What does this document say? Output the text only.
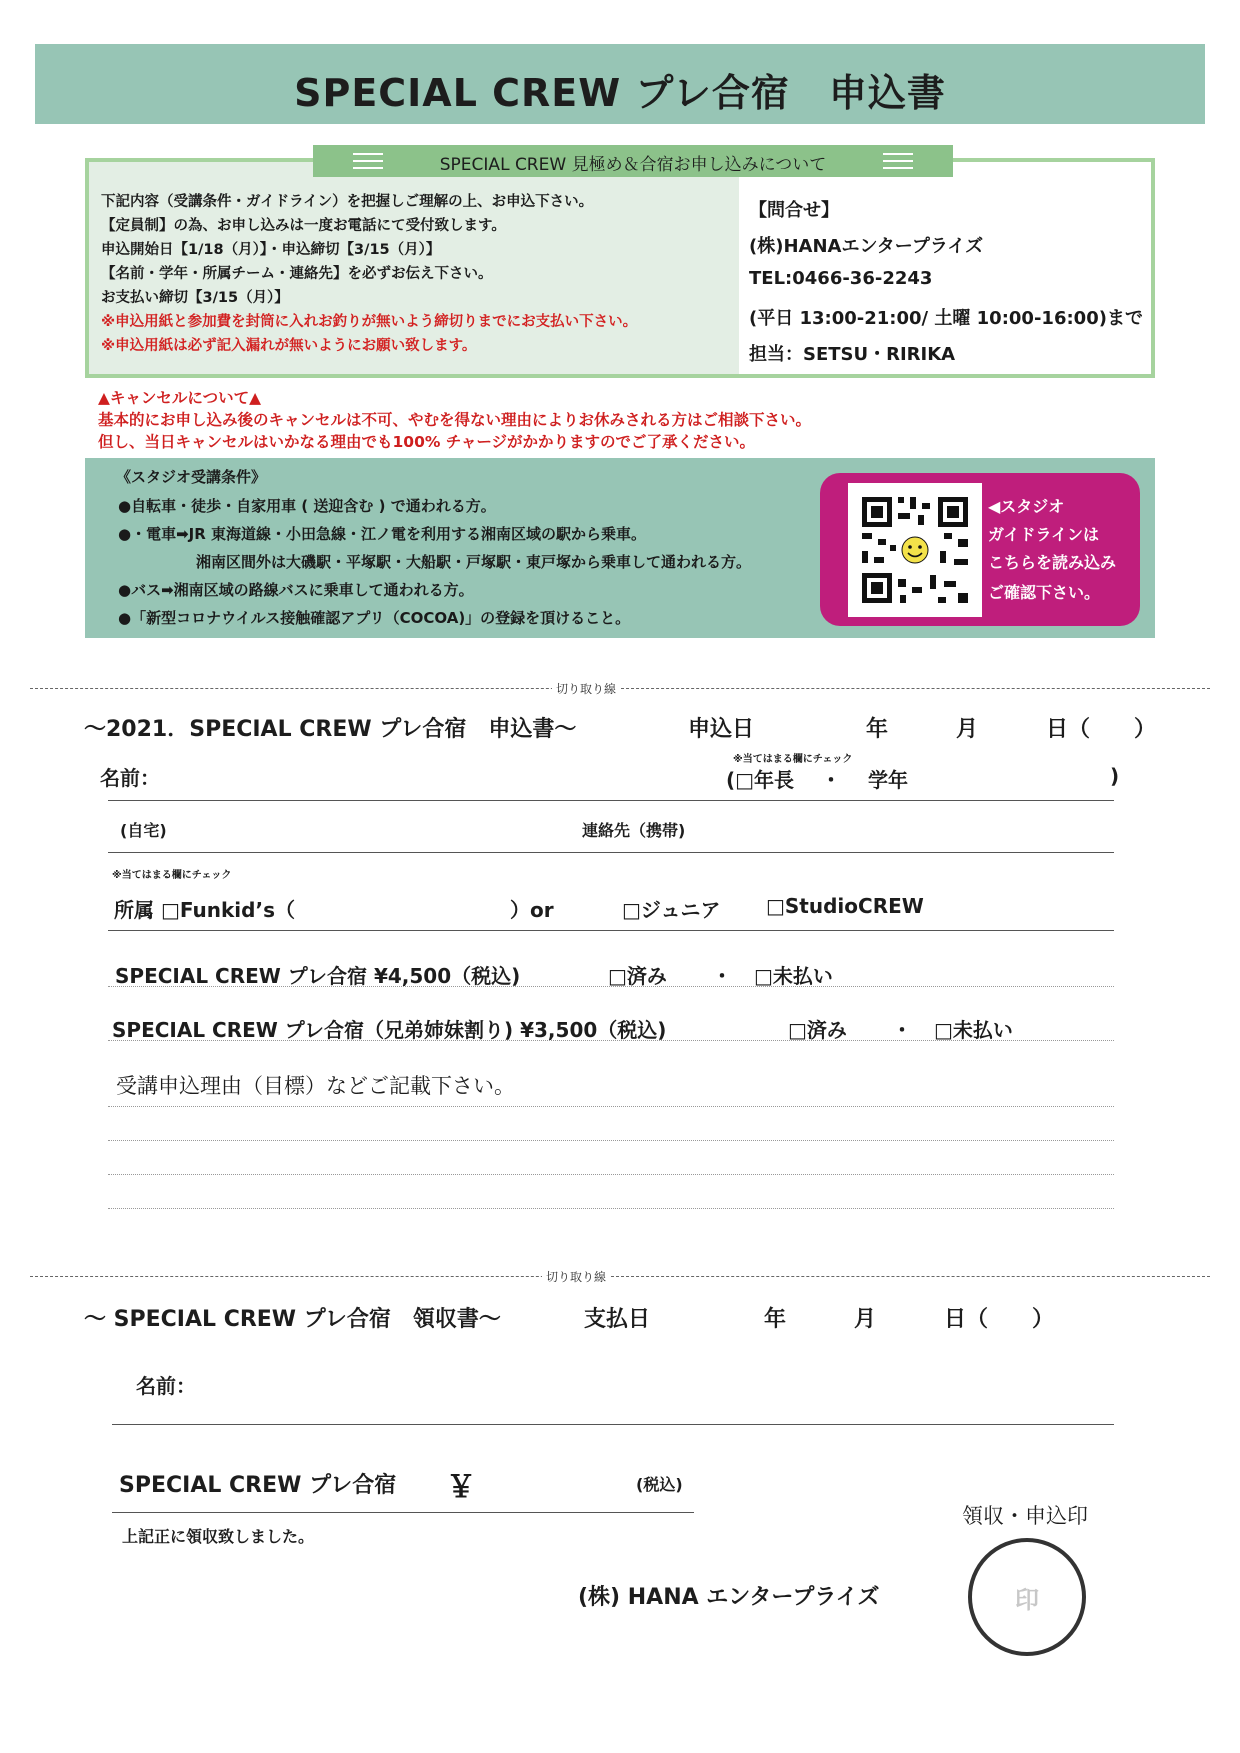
SPECIAL CREW プレ合宿　申込書
SPECIAL CREW 見極め＆合宿お申し込みについて
下記内容（受講条件・ガイドライン）を把握しご理解の上、お申込下さい。
【定員制】の為、お申し込みは一度お電話にて受付致します。
申込開始日【1/18（月）】・申込締切【3/15（月）】
【名前・学年・所属チーム・連絡先】を必ずお伝え下さい。
お支払い締切【3/15（月）】
※申込用紙と参加費を封筒に入れお釣りが無いよう締切りまでにお支払い下さい。
※申込用紙は必ず記入漏れが無いようにお願い致します。
【問合せ】
(株)HANAエンタープライズ
TEL:0466-36-2243
(平日 13:00-21:00/ 土曜 10:00-16:00)まで
担当：SETSU・RIRIKA
▲キャンセルについて▲
基本的にお申し込み後のキャンセルは不可、やむを得ない理由によりお休みされる方はご相談下さい。
但し、当日キャンセルはいかなる理由でも100% チャージがかかりますのでご了承ください。
《スタジオ受講条件》
●自転車・徒歩・自家用車 ( 送迎含む ) で通われる方。
●・電車➡JR 東海道線・小田急線・江ノ電を利用する湘南区域の駅から乗車。
湘南区間外は大磯駅・平塚駅・大船駅・戸塚駅・東戸塚から乗車して通われる方。
●バス➡湘南区域の路線バスに乗車して通われる方。
●「新型コロナウイルス接触確認アプリ（COCOA)」の登録を頂けること。
◀スタジオ
ガイドラインは
こちらを読み込み
ご確認下さい。
切り取り線
～2021．SPECIAL CREW プレ合宿　申込書～	申込日	年	月	日（　　）
※当てはまる欄にチェック
名前：	(□年長　 ・　 学年	)
(自宅)	連絡先（携帯)
※当てはまる欄にチェック
所属 □Funkid’s（	）or	□ジュニア □StudioCREW
SPECIAL CREW プレ合宿 ¥4,500（税込)	□済み ・ □未払い
SPECIAL CREW プレ合宿（兄弟姉妹割り) ¥3,500（税込)	□済み ・ □未払い
受講申込理由（目標）などご記載下さい。
切り取り線
～ SPECIAL CREW プレ合宿　領収書～	支払日	年	月	日（　　）
名前：
SPECIAL CREW プレ合宿 ￥	(税込)
上記正に領収致しました。
領収・申込印
(株) HANA エンタープライズ	印
